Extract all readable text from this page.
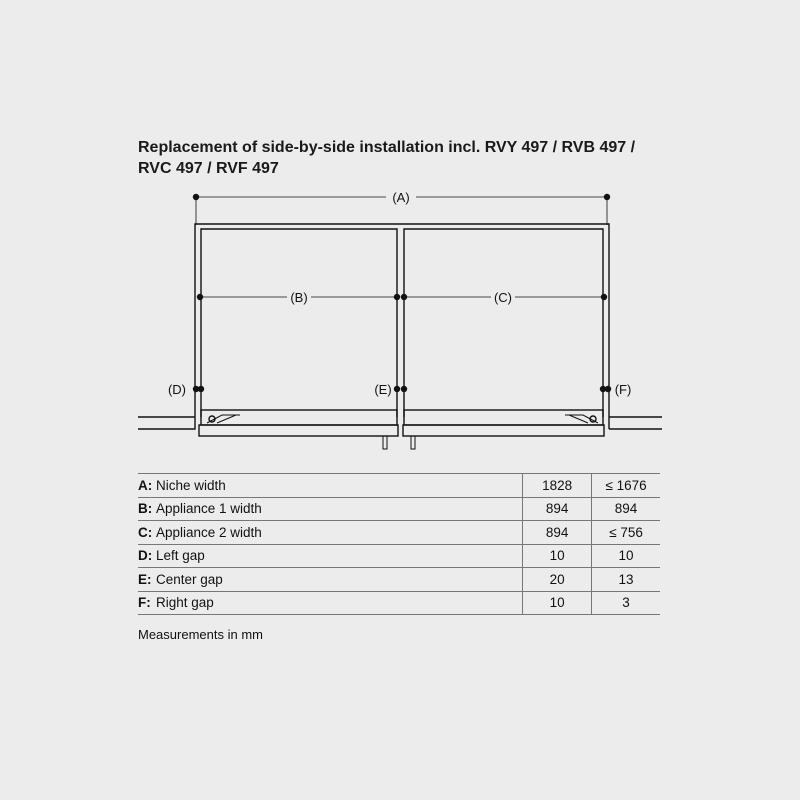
Replacement of side-by-side installation incl. RVY 497 / RVB 497 /
RVC 497 / RVF 497
(A)
(B)	(C)
(D)	(E)	(F)
A:	Niche width	1828	≤ 1676
B:	Appliance 1 width	894	894
C:	Appliance 2 width	894	≤ 756
D:	Left gap	10	10
E:	Center gap	20	13
F:	Right gap	10	3

Measurements in mm
